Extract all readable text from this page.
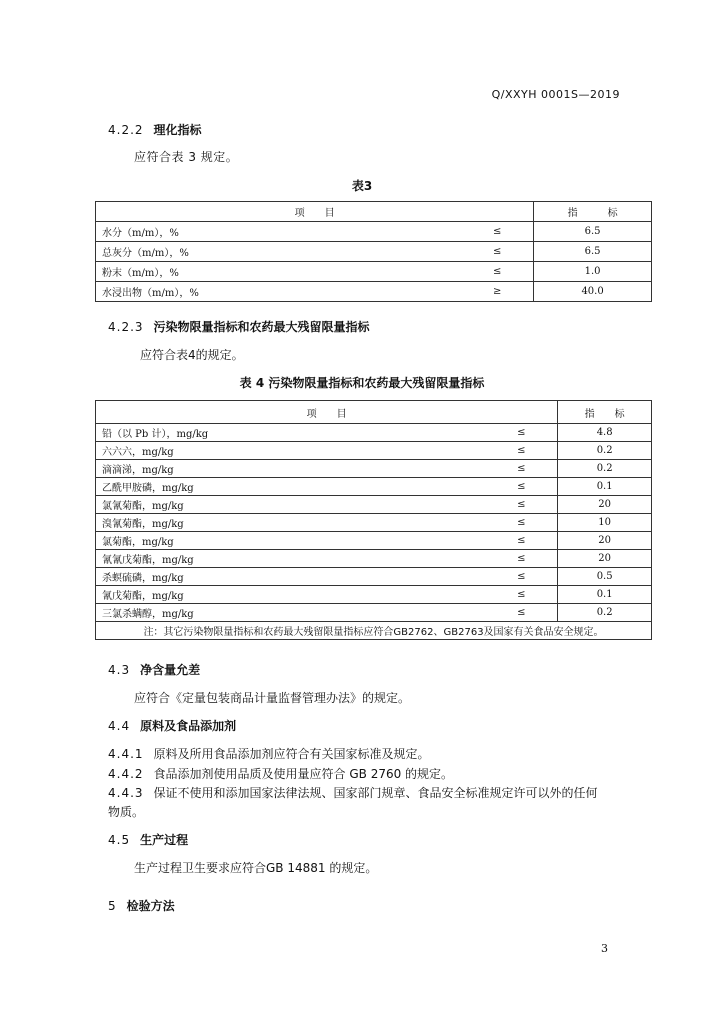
Q/XXYH 0001S—2019
4.2.2 理化指标
应符合表 3 规定。
表3
项　　目		指　　　标
水分（m/m），%	≤	6.5
总灰分（m/m），%	≤	6.5
粉末（m/m），%	≤	1.0
水浸出物（m/m），%	≥	40.0
4.2.3 污染物限量指标和农药最大残留限量指标
应符合表4的规定。
表 4 污染物限量指标和农药最大残留限量指标
项　　目		指　　标
铅（以 Pb 计），mg/kg	≤	4.8
六六六，mg/kg	≤	0.2
滴滴涕，mg/kg	≤	0.2
乙酰甲胺磷，mg/kg	≤	0.1
氯氰菊酯，mg/kg	≤	20
溴氰菊酯，mg/kg	≤	10
氯菊酯，mg/kg	≤	20
氰氰戊菊酯，mg/kg	≤	20
杀螟硫磷，mg/kg	≤	0.5
氰戊菊酯，mg/kg	≤	0.1
三氯杀螨醇，mg/kg	≤	0.2
注：其它污染物限量指标和农药最大残留限量指标应符合GB2762、GB2763及国家有关食品安全规定。		
4.3 净含量允差
应符合《定量包装商品计量监督管理办法》的规定。
4.4 原料及食品添加剂
4.4.1 原料及所用食品添加剂应符合有关国家标准及规定。
4.4.2 食品添加剂使用品质及使用量应符合 GB 2760 的规定。
4.4.3 保证不使用和添加国家法律法规、国家部门规章、食品安全标准规定许可以外的任何
物质。
4.5 生产过程
生产过程卫生要求应符合GB 14881 的规定。
5 检验方法
3
